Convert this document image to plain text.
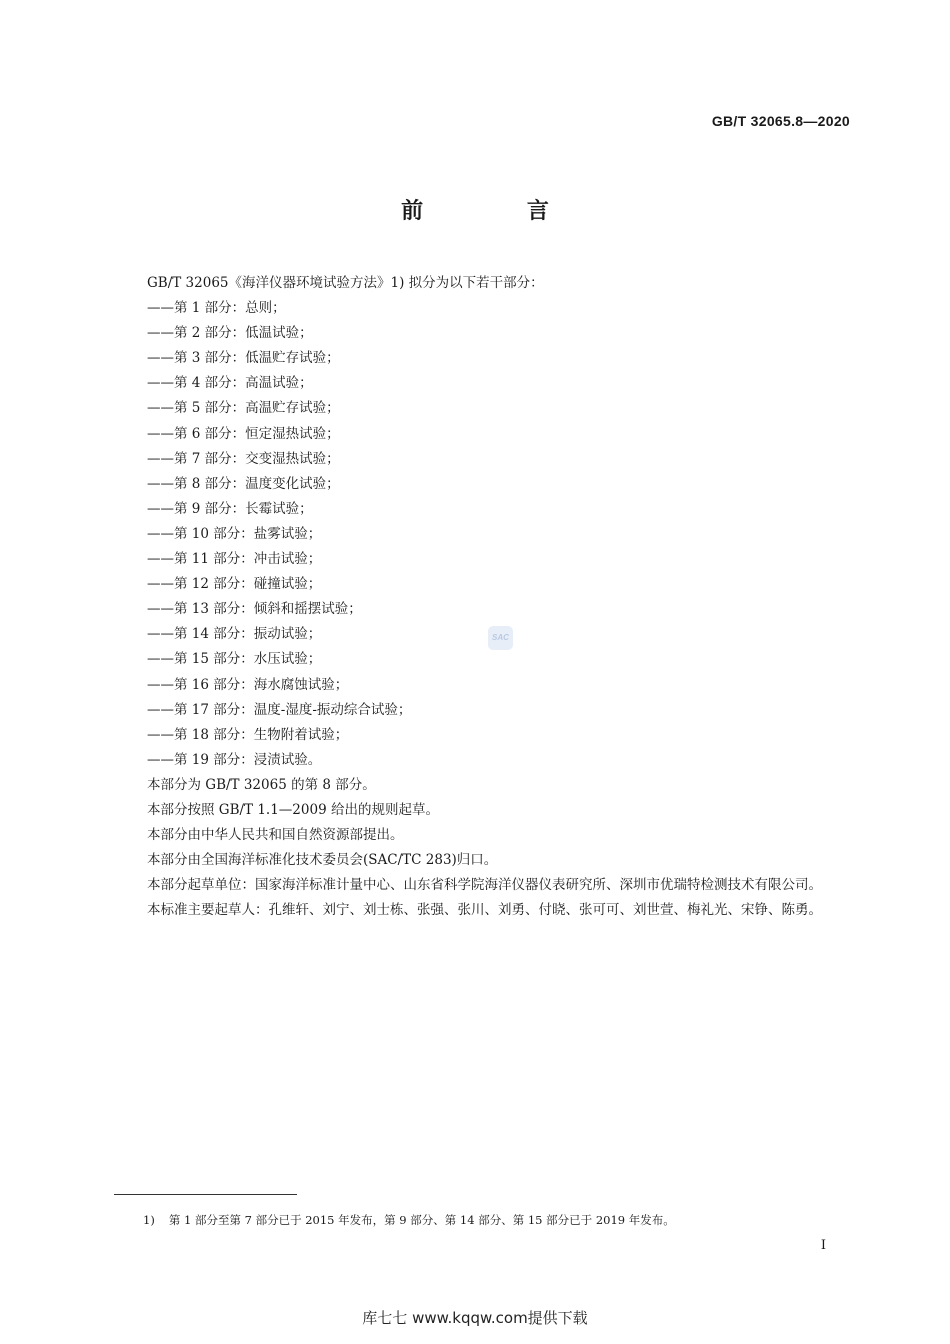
GB/T 32065.8—2020
前 言
SAC
GB/T 32065《海洋仪器环境试验方法》1) 拟分为以下若干部分：
——第 1 部分：总则；
——第 2 部分：低温试验；
——第 3 部分：低温贮存试验；
——第 4 部分：高温试验；
——第 5 部分：高温贮存试验；
——第 6 部分：恒定湿热试验；
——第 7 部分：交变湿热试验；
——第 8 部分：温度变化试验；
——第 9 部分：长霉试验；
——第 10 部分：盐雾试验；
——第 11 部分：冲击试验；
——第 12 部分：碰撞试验；
——第 13 部分：倾斜和摇摆试验；
——第 14 部分：振动试验；
——第 15 部分：水压试验；
——第 16 部分：海水腐蚀试验；
——第 17 部分：温度-湿度-振动综合试验；
——第 18 部分：生物附着试验；
——第 19 部分：浸渍试验。
本部分为 GB/T 32065 的第 8 部分。
本部分按照 GB/T 1.1—2009 给出的规则起草。
本部分由中华人民共和国自然资源部提出。
本部分由全国海洋标准化技术委员会(SAC/TC 283)归口。
本部分起草单位：国家海洋标准计量中心、山东省科学院海洋仪器仪表研究所、深圳市优瑞特检测技术有限公司。
本标准主要起草人：孔维轩、刘宁、刘士栋、张强、张川、刘勇、付晓、张可可、刘世萱、梅礼光、宋铮、陈勇。
1) 第 1 部分至第 7 部分已于 2015 年发布，第 9 部分、第 14 部分、第 15 部分已于 2019 年发布。
I
库七七 www.kqqw.com提供下载
